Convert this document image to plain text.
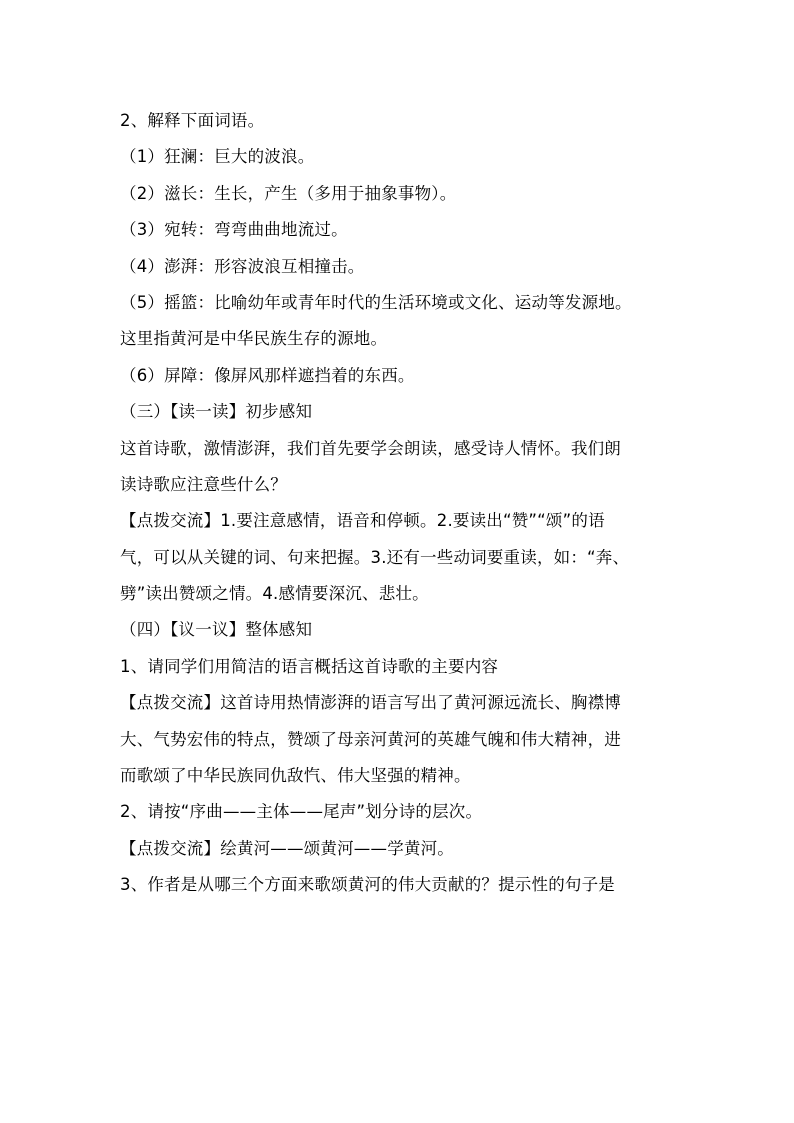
2、解释下面词语。
（1）狂澜：巨大的波浪。
（2）滋长：生长，产生（多用于抽象事物）。
（3）宛转：弯弯曲曲地流过。
（4）澎湃：形容波浪互相撞击。
（5）摇篮：比喻幼年或青年时代的生活环境或文化、运动等发源地。
这里指黄河是中华民族生存的源地。
（6）屏障：像屏风那样遮挡着的东西。
（三）【读一读】初步感知
这首诗歌，激情澎湃，我们首先要学会朗读，感受诗人情怀。我们朗
读诗歌应注意些什么？
【点拨交流】1.要注意感情，语音和停顿。2.要读出“赞”“颂”的语
气，可以从关键的词、句来把握。3.还有一些动词要重读，如：“奔、
劈”读出赞颂之情。4.感情要深沉、悲壮。
（四）【议一议】整体感知
1、请同学们用简洁的语言概括这首诗歌的主要内容
【点拨交流】这首诗用热情澎湃的语言写出了黄河源远流长、胸襟博
大、气势宏伟的特点，赞颂了母亲河黄河的英雄气魄和伟大精神，进
而歌颂了中华民族同仇敌忾、伟大坚强的精神。
2、请按“序曲——主体——尾声”划分诗的层次。
【点拨交流】绘黄河——颂黄河——学黄河。
3、作者是从哪三个方面来歌颂黄河的伟大贡献的？提示性的句子是
